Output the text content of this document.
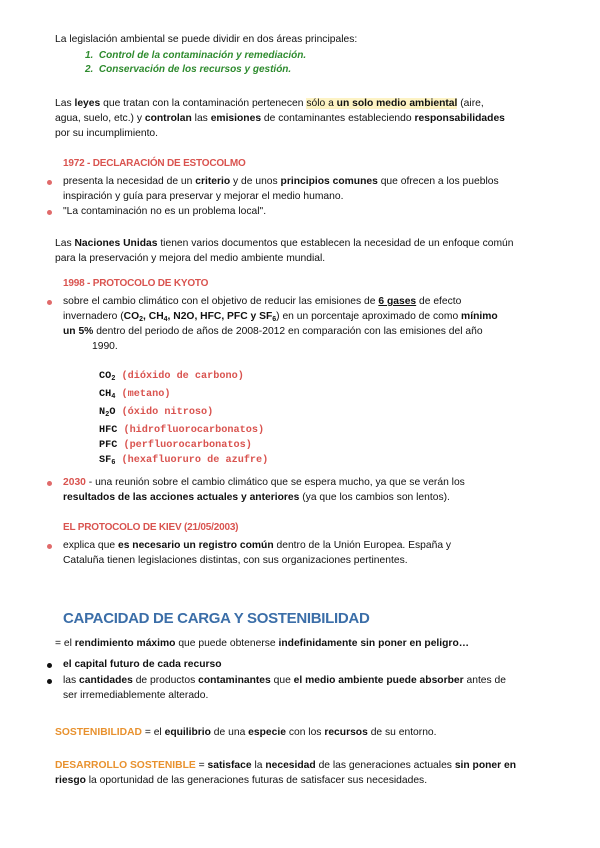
La legislación ambiental se puede dividir en dos áreas principales:
1. Control de la contaminación y remediación.
2. Conservación de los recursos y gestión.
Las leyes que tratan con la contaminación pertenecen sólo a un solo medio ambiental (aire,
agua, suelo, etc.) y controlan las emisiones de contaminantes estableciendo responsabilidades
por su incumplimiento.
1972 - DECLARACIÓN DE ESTOCOLMO
presenta la necesidad de un criterio y de unos principios comunes que ofrecen a los pueblos
inspiración y guía para preservar y mejorar el medio humano.
"La contaminación no es un problema local".
Las Naciones Unidas tienen varios documentos que establecen la necesidad de un enfoque común
para la preservación y mejora del medio ambiente mundial.
1998 - PROTOCOLO DE KYOTO
sobre el cambio climático con el objetivo de reducir las emisiones de 6 gases de efecto
invernadero ($CO_2$, $CH_4$, N2O, HFC, PFC y $SF_6$) en un porcentaje aproximado de como mínimo
un 5% dentro del periodo de años de 2008-2012 en comparación con las emisiones del año
1990.
$CO_2$ (dióxido de carbono)
$CH_4$ (metano)
$N_2O$ (óxido nitroso)
HFC (hidrofluorocarbonatos)
PFC (perfluorocarbonatos)
$SF_6$ (hexafluoruro de azufre)
2030 - una reunión sobre el cambio climático que se espera mucho, ya que se verán los
resultados de las acciones actuales y anteriores (ya que los cambios son lentos).
EL PROTOCOLO DE KIEV (21/05/2003)
explica que es necesario un registro común dentro de la Unión Europea. España y
Cataluña tienen legislaciones distintas, con sus organizaciones pertinentes.
CAPACIDAD DE CARGA Y SOSTENIBILIDAD
= el rendimiento máximo que puede obtenerse indefinidamente sin poner en peligro…
el capital futuro de cada recurso
las cantidades de productos contaminantes que el medio ambiente puede absorber antes de
ser irremediablemente alterado.
SOSTENIBILIDAD = el equilibrio de una especie con los recursos de su entorno.
DESARROLLO SOSTENIBLE = satisface la necesidad de las generaciones actuales sin poner en
riesgo la oportunidad de las generaciones futuras de satisfacer sus necesidades.
